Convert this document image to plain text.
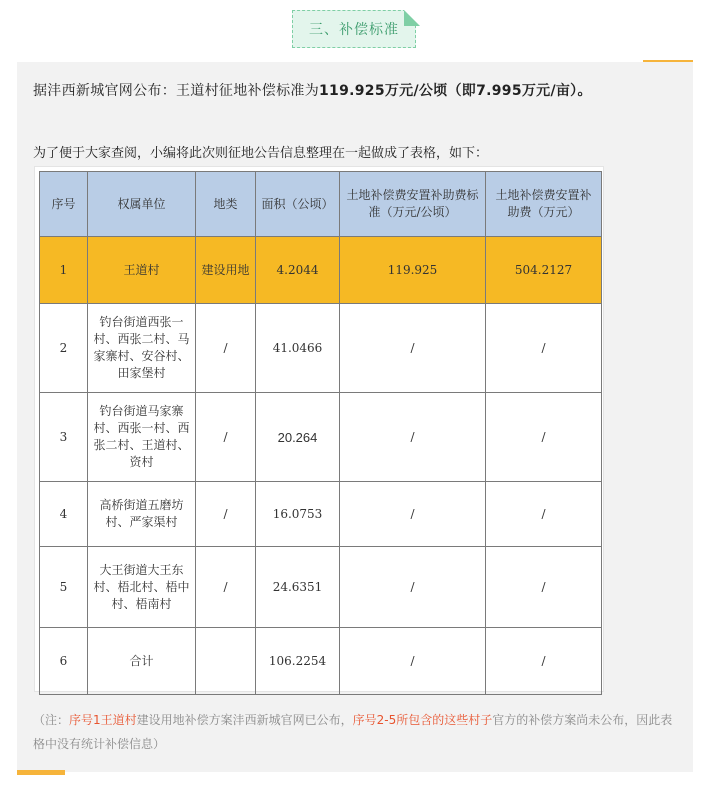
三、补偿标准
据沣西新城官网公布：王道村征地补偿标准为119.925万元/公顷（即7.995万元/亩）。
为了便于大家查阅，小编将此次则征地公告信息整理在一起做成了表格，如下：
序号	权属单位	地类	面积（公顷）	土地补偿费安置补助费标准（万元/公顷）	土地补偿费安置补助费（万元）
1	王道村	建设用地	4.2044	119.925	504.2127
2	钓台街道西张一村、西张二村、马家寨村、安谷村、田家堡村	/	41.0466	/	/
3	钓台街道马家寨村、西张一村、西张二村、王道村、资村	/	20.264	/	/
4	高桥街道五磨坊村、严家渠村	/	16.0753	/	/
5	大王街道大王东村、梧北村、梧中村、梧南村	/	24.6351	/	/
6	合计		106.2254	/	/
（注：序号1王道村建设用地补偿方案沣西新城官网已公布，序号2-5所包含的这些村子官方的补偿方案尚未公布，因此表格中没有统计补偿信息）
